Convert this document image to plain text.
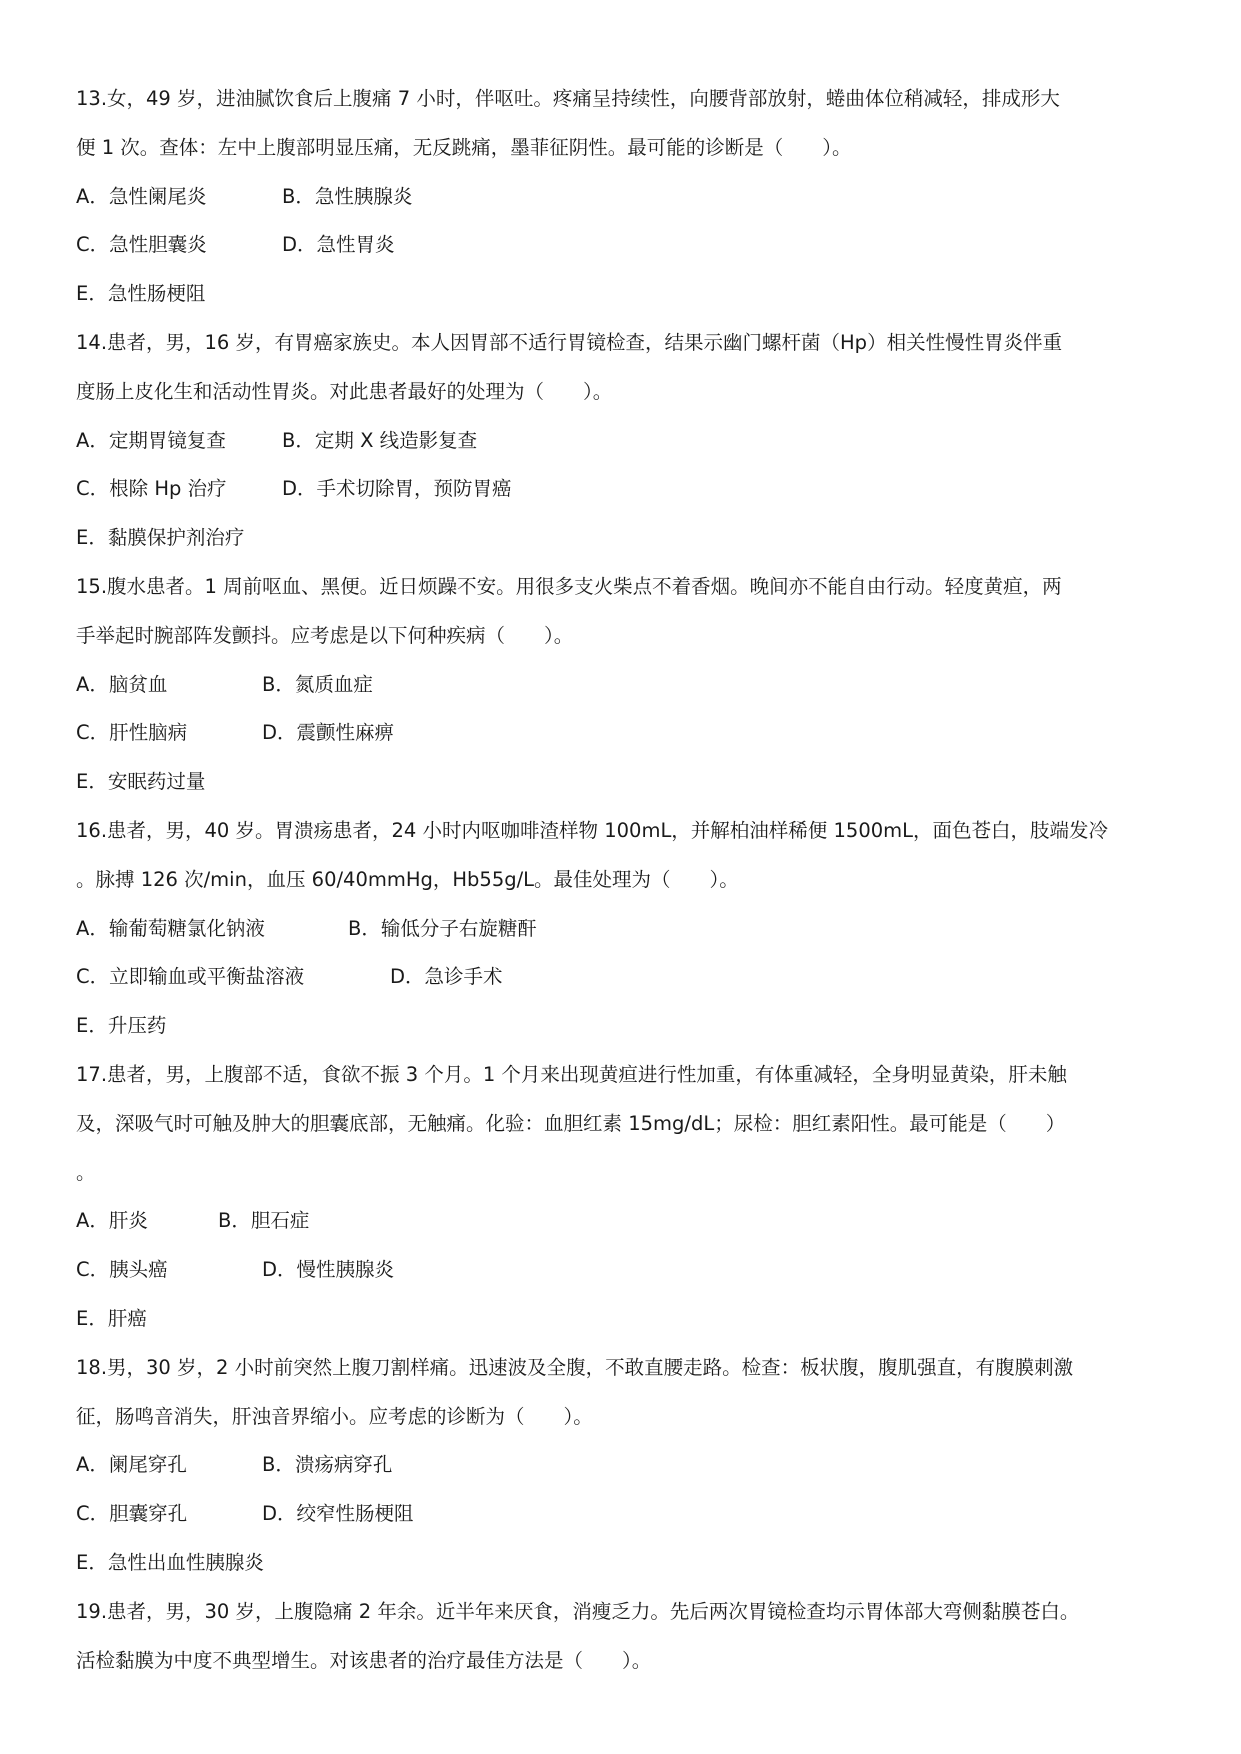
13.女，49 岁，进油腻饮食后上腹痛 7 小时，伴呕吐。疼痛呈持续性，向腰背部放射，蜷曲体位稍减轻，排成形大
便 1 次。查体：左中上腹部明显压痛，无反跳痛，墨菲征阴性。最可能的诊断是（　　）。
A．急性阑尾炎	B．急性胰腺炎
C．急性胆囊炎	D．急性胃炎
E．急性肠梗阻
14.患者，男，16 岁，有胃癌家族史。本人因胃部不适行胃镜检查，结果示幽门螺杆菌（Hp）相关性慢性胃炎伴重
度肠上皮化生和活动性胃炎。对此患者最好的处理为（　　）。
A．定期胃镜复查	B．定期 X 线造影复查
C．根除 Hp 治疗	D．手术切除胃，预防胃癌
E．黏膜保护剂治疗
15.腹水患者。1 周前呕血、黑便。近日烦躁不安。用很多支火柴点不着香烟。晚间亦不能自由行动。轻度黄疸，两
手举起时腕部阵发颤抖。应考虑是以下何种疾病（　　）。
A．脑贫血	B．氮质血症
C．肝性脑病	D．震颤性麻痹
E．安眠药过量
16.患者，男，40 岁。胃溃疡患者，24 小时内呕咖啡渣样物 100mL，并解柏油样稀便 1500mL，面色苍白，肢端发冷
。脉搏 126 次/min，血压 60/40mmHg，Hb55g/L。最佳处理为（　　）。
A．输葡萄糖氯化钠液	B．输低分子右旋糖酐
C．立即输血或平衡盐溶液	D．急诊手术
E．升压药
17.患者，男，上腹部不适，食欲不振 3 个月。1 个月来出现黄疸进行性加重，有体重减轻，全身明显黄染，肝未触
及，深吸气时可触及肿大的胆囊底部，无触痛。化验：血胆红素 15mg/dL；尿检：胆红素阳性。最可能是（　　）
。
A．肝炎	B．胆石症
C．胰头癌	D．慢性胰腺炎
E．肝癌
18.男，30 岁，2 小时前突然上腹刀割样痛。迅速波及全腹，不敢直腰走路。检查：板状腹，腹肌强直，有腹膜刺激
征，肠鸣音消失，肝浊音界缩小。应考虑的诊断为（　　）。
A．阑尾穿孔	B．溃疡病穿孔
C．胆囊穿孔	D．绞窄性肠梗阻
E．急性出血性胰腺炎
19.患者，男，30 岁，上腹隐痛 2 年余。近半年来厌食，消瘦乏力。先后两次胃镜检查均示胃体部大弯侧黏膜苍白。
活检黏膜为中度不典型增生。对该患者的治疗最佳方法是（　　）。
